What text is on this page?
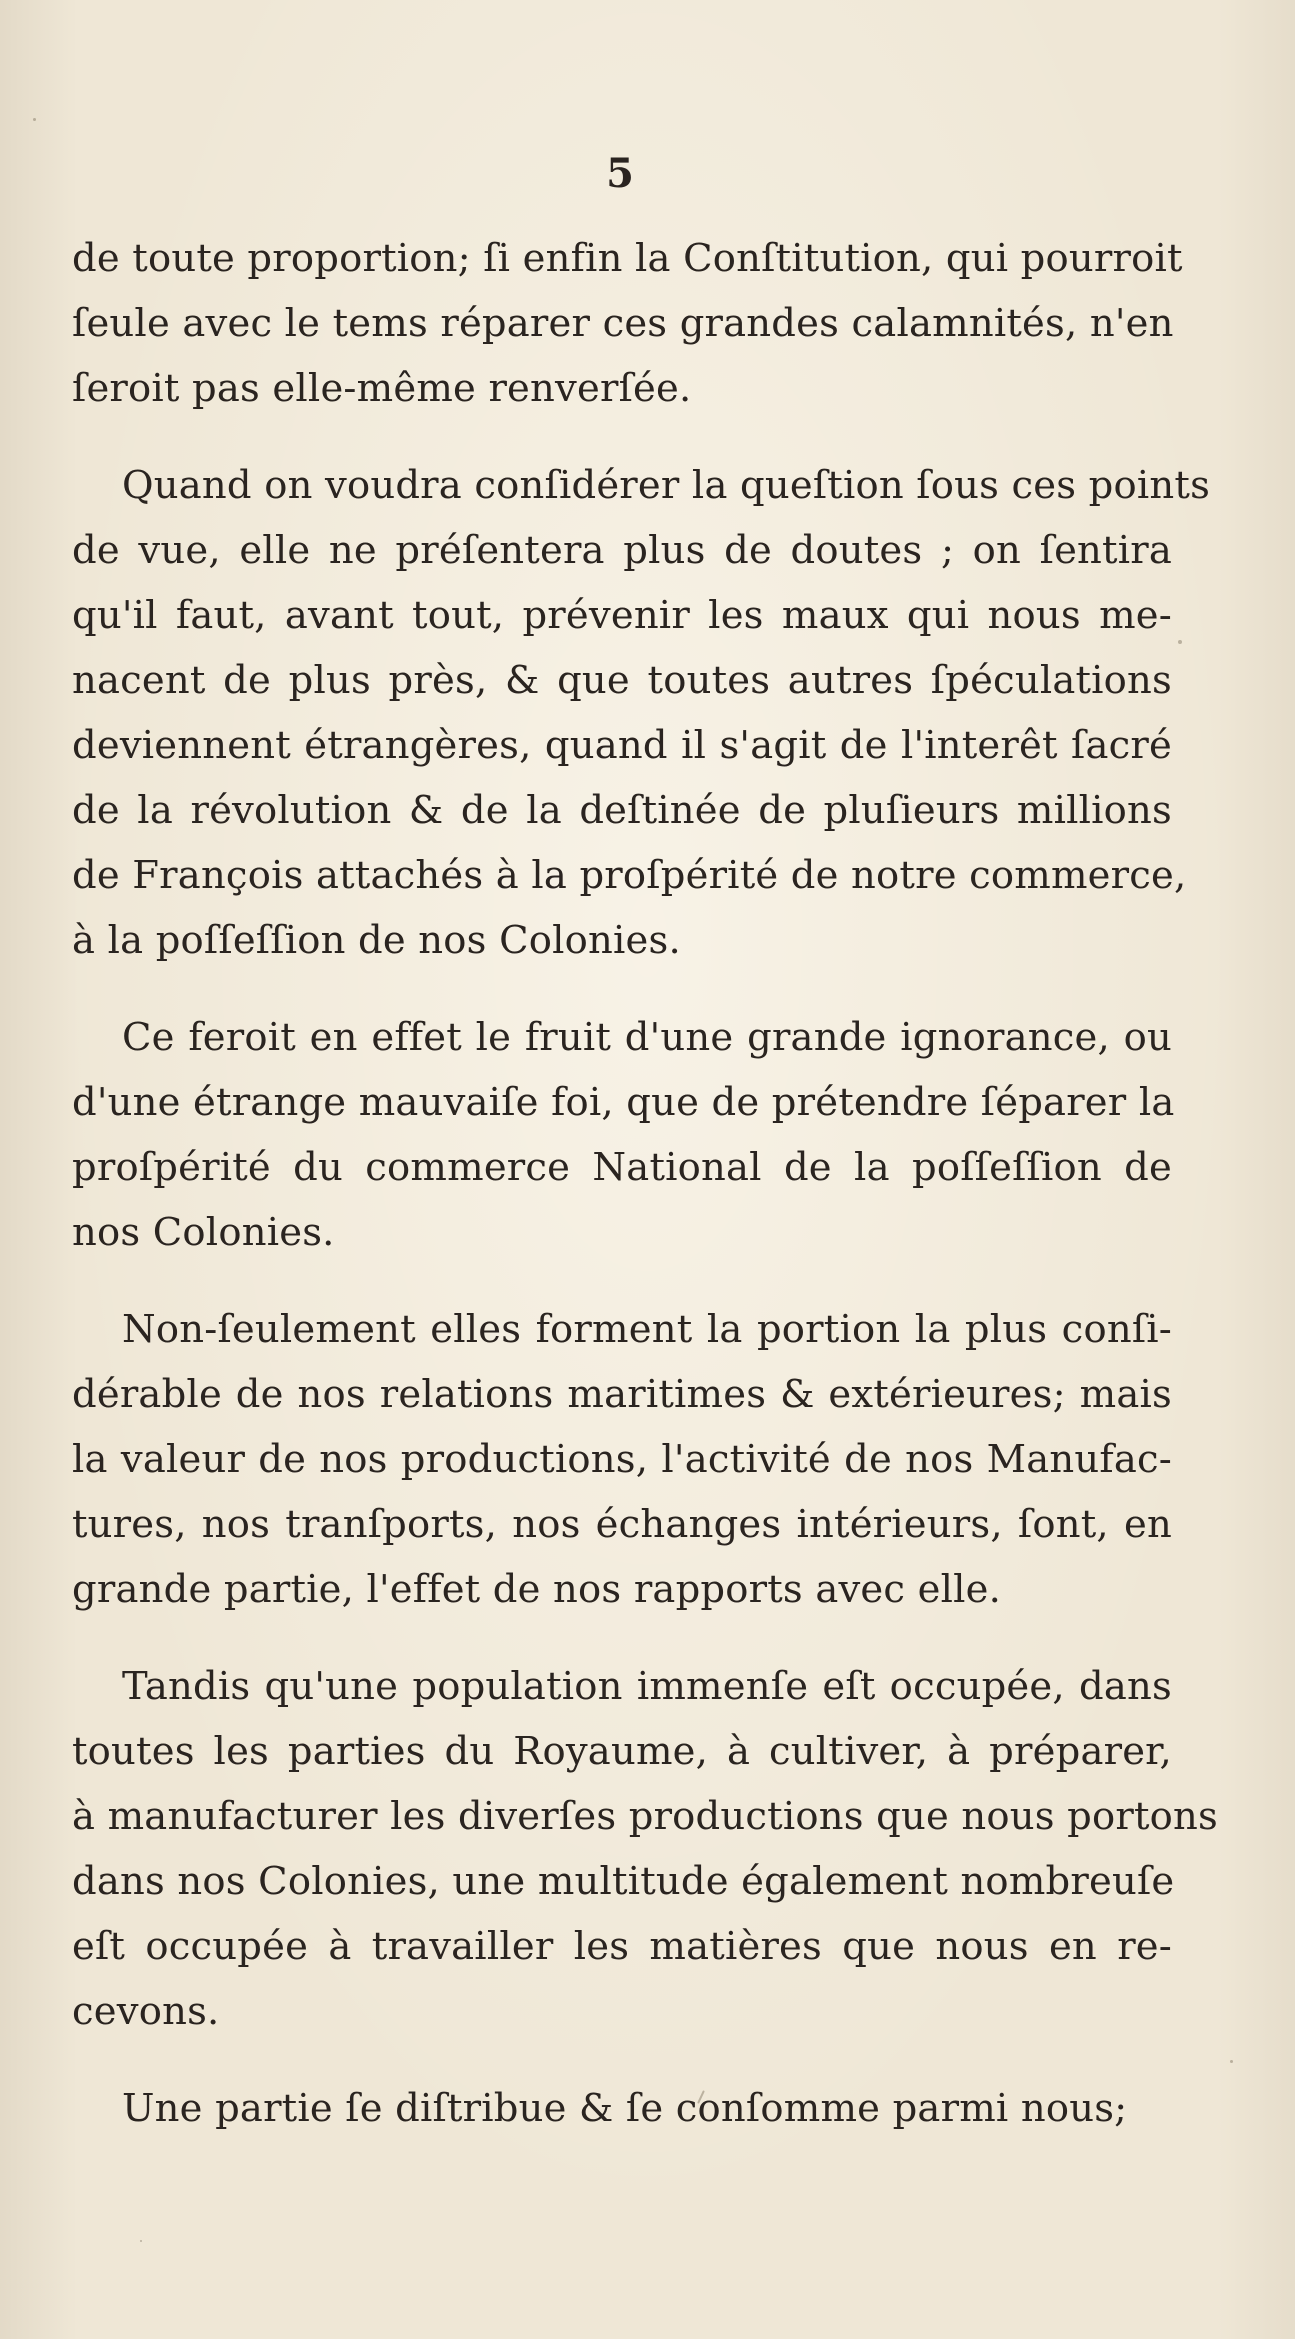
5
de toute proportion; ſi enfin la Conſtitution, qui pourroit
ſeule avec le tems réparer ces grandes calamnités, n'en
ſeroit pas elle-même renverſée.
Quand on voudra conſidérer la queſtion ſous ces points
de vue, elle ne préſentera plus de doutes ; on ſentira
qu'il faut, avant tout, prévenir les maux qui nous me-
nacent de plus près, & que toutes autres ſpéculations
deviennent étrangères, quand il s'agit de l'interêt ſacré
de la révolution & de la deſtinée de pluſieurs millions
de François attachés à la proſpérité de notre commerce,
à la poſſeſſion de nos Colonies.
Ce feroit en effet le fruit d'une grande ignorance, ou
d'une étrange mauvaiſe foi, que de prétendre ſéparer la
proſpérité du commerce National de la poſſeſſion de
nos Colonies.
Non-ſeulement elles forment la portion la plus conſi-
dérable de nos relations maritimes & extérieures; mais
la valeur de nos productions, l'activité de nos Manufac-
tures, nos tranſports, nos échanges intérieurs, ſont, en
grande partie, l'effet de nos rapports avec elle.
Tandis qu'une population immenſe eſt occupée, dans
toutes les parties du Royaume, à cultiver, à préparer,
à manufacturer les diverſes productions que nous portons
dans nos Colonies, une multitude également nombreuſe
eſt occupée à travailler les matières que nous en re-
cevons.
Une partie ſe diſtribue & ſe conſomme parmi nous;
